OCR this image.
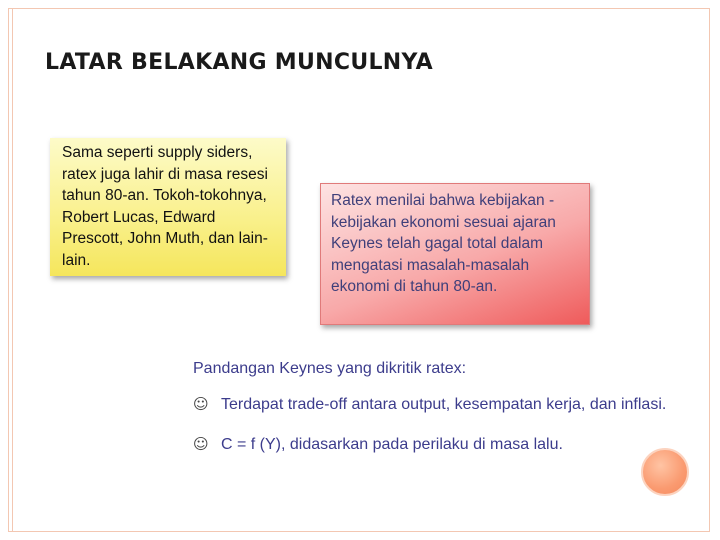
LATAR BELAKANG MUNCULNYA
Sama seperti supply siders, ratex juga lahir di masa resesi tahun 80-an. Tokoh-tokohnya, Robert Lucas, Edward Prescott, John Muth, dan lain-lain.
Ratex menilai bahwa kebijakan -kebijakan ekonomi sesuai ajaran Keynes telah gagal total dalam mengatasi masalah-masalah ekonomi di tahun 80-an.

Pandangan Keynes yang dikritik ratex:

☺ Terdapat trade-off antara output, kesempatan kerja, dan inflasi.
☺ C = f (Y), didasarkan pada perilaku di masa lalu.
